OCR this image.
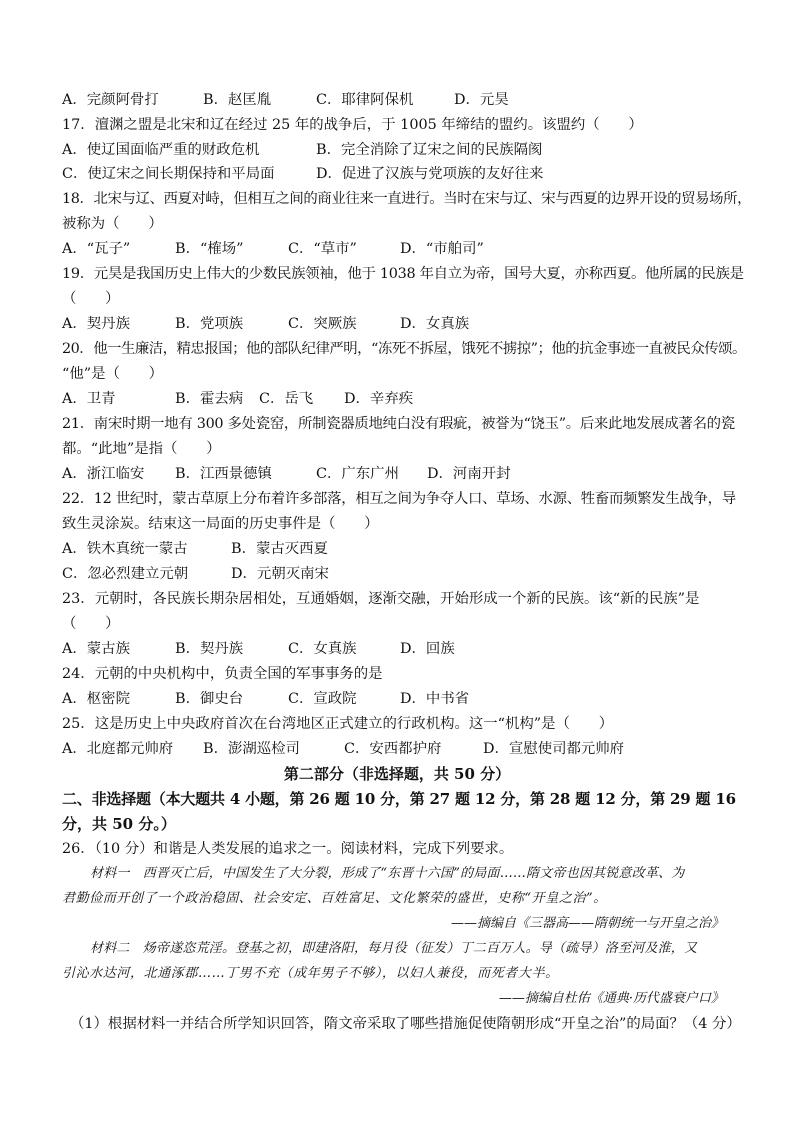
A．完颜阿骨打	B．赵匡胤	C．耶律阿保机	D．元昊
17．澶渊之盟是北宋和辽在经过 25 年的战争后，于 1005 年缔结的盟约。该盟约（　　）
A．使辽国面临严重的财政危机	B．完全消除了辽宋之间的民族隔阂
C．使辽宋之间长期保持和平局面	D．促进了汉族与党项族的友好往来
18．北宋与辽、西夏对峙，但相互之间的商业往来一直进行。当时在宋与辽、宋与西夏的边界开设的贸易场所，
被称为（　　）
A．“瓦子”	B．“榷场”	C．“草市”	D．“市舶司”
19．元昊是我国历史上伟大的少数民族领袖，他于 1038 年自立为帝，国号大夏，亦称西夏。他所属的民族是
（　　）
A．契丹族	B．党项族	C．突厥族	D．女真族
20．他一生廉洁，精忠报国；他的部队纪律严明，“冻死不拆屋，饿死不掳掠”；他的抗金事迹一直被民众传颂。
“他”是（　　）
A．卫青	B．霍去病 C．岳飞 D．辛弃疾
21．南宋时期一地有 300 多处瓷窑，所制瓷器质地纯白没有瑕疵，被誉为“饶玉”。后来此地发展成著名的瓷
都。“此地”是指（　　）
A．浙江临安 B．江西景德镇	C．广东广州 D．河南开封
22．12 世纪时，蒙古草原上分布着许多部落，相互之间为争夺人口、草场、水源、牲畜而频繁发生战争，导
致生灵涂炭。结束这一局面的历史事件是（　　）
A．铁木真统一蒙古	B．蒙古灭西夏
C．忽必烈建立元朝	D．元朝灭南宋
23．元朝时，各民族长期杂居相处，互通婚姻，逐渐交融，开始形成一个新的民族。该“新的民族”是
（　　）
A．蒙古族	B．契丹族	C．女真族	D．回族
24．元朝的中央机构中，负责全国的军事事务的是
A．枢密院	B．御史台	C．宣政院	D．中书省
25．这是历史上中央政府首次在台湾地区正式建立的行政机构。这一“机构”是（　　）
A．北庭都元帅府 B．澎湖巡检司	C．安西都护府	D．宣慰使司都元帅府
第二部分（非选择题，共 50 分）
二、非选择题（本大题共 4 小题，第 26 题 10 分，第 27 题 12 分，第 28 题 12 分，第 29 题 16
分，共 50 分。）
26．（10 分）和谐是人类发展的追求之一。阅读材料，完成下列要求。
材料一　西晋灭亡后，中国发生了大分裂，形成了“东晋十六国”的局面……隋文帝也因其锐意改革、为
君勤俭而开创了一个政治稳固、社会安定、百姓富足、文化繁荣的盛世，史称“开皇之治”。
——摘编自《三器高——隋朝统一与开皇之治》
材料二　炀帝遂恣荒淫。登基之初，即建洛阳，每月役（征发）丁二百万人。导（疏导）洛至河及淮，又
引沁水达河，北通涿郡……丁男不充（成年男子不够），以妇人兼役，而死者大半。
——摘编自杜佑《通典·历代盛衰户口》
（1）根据材料一并结合所学知识回答，隋文帝采取了哪些措施促使隋朝形成“开皇之治”的局面？（4 分）
